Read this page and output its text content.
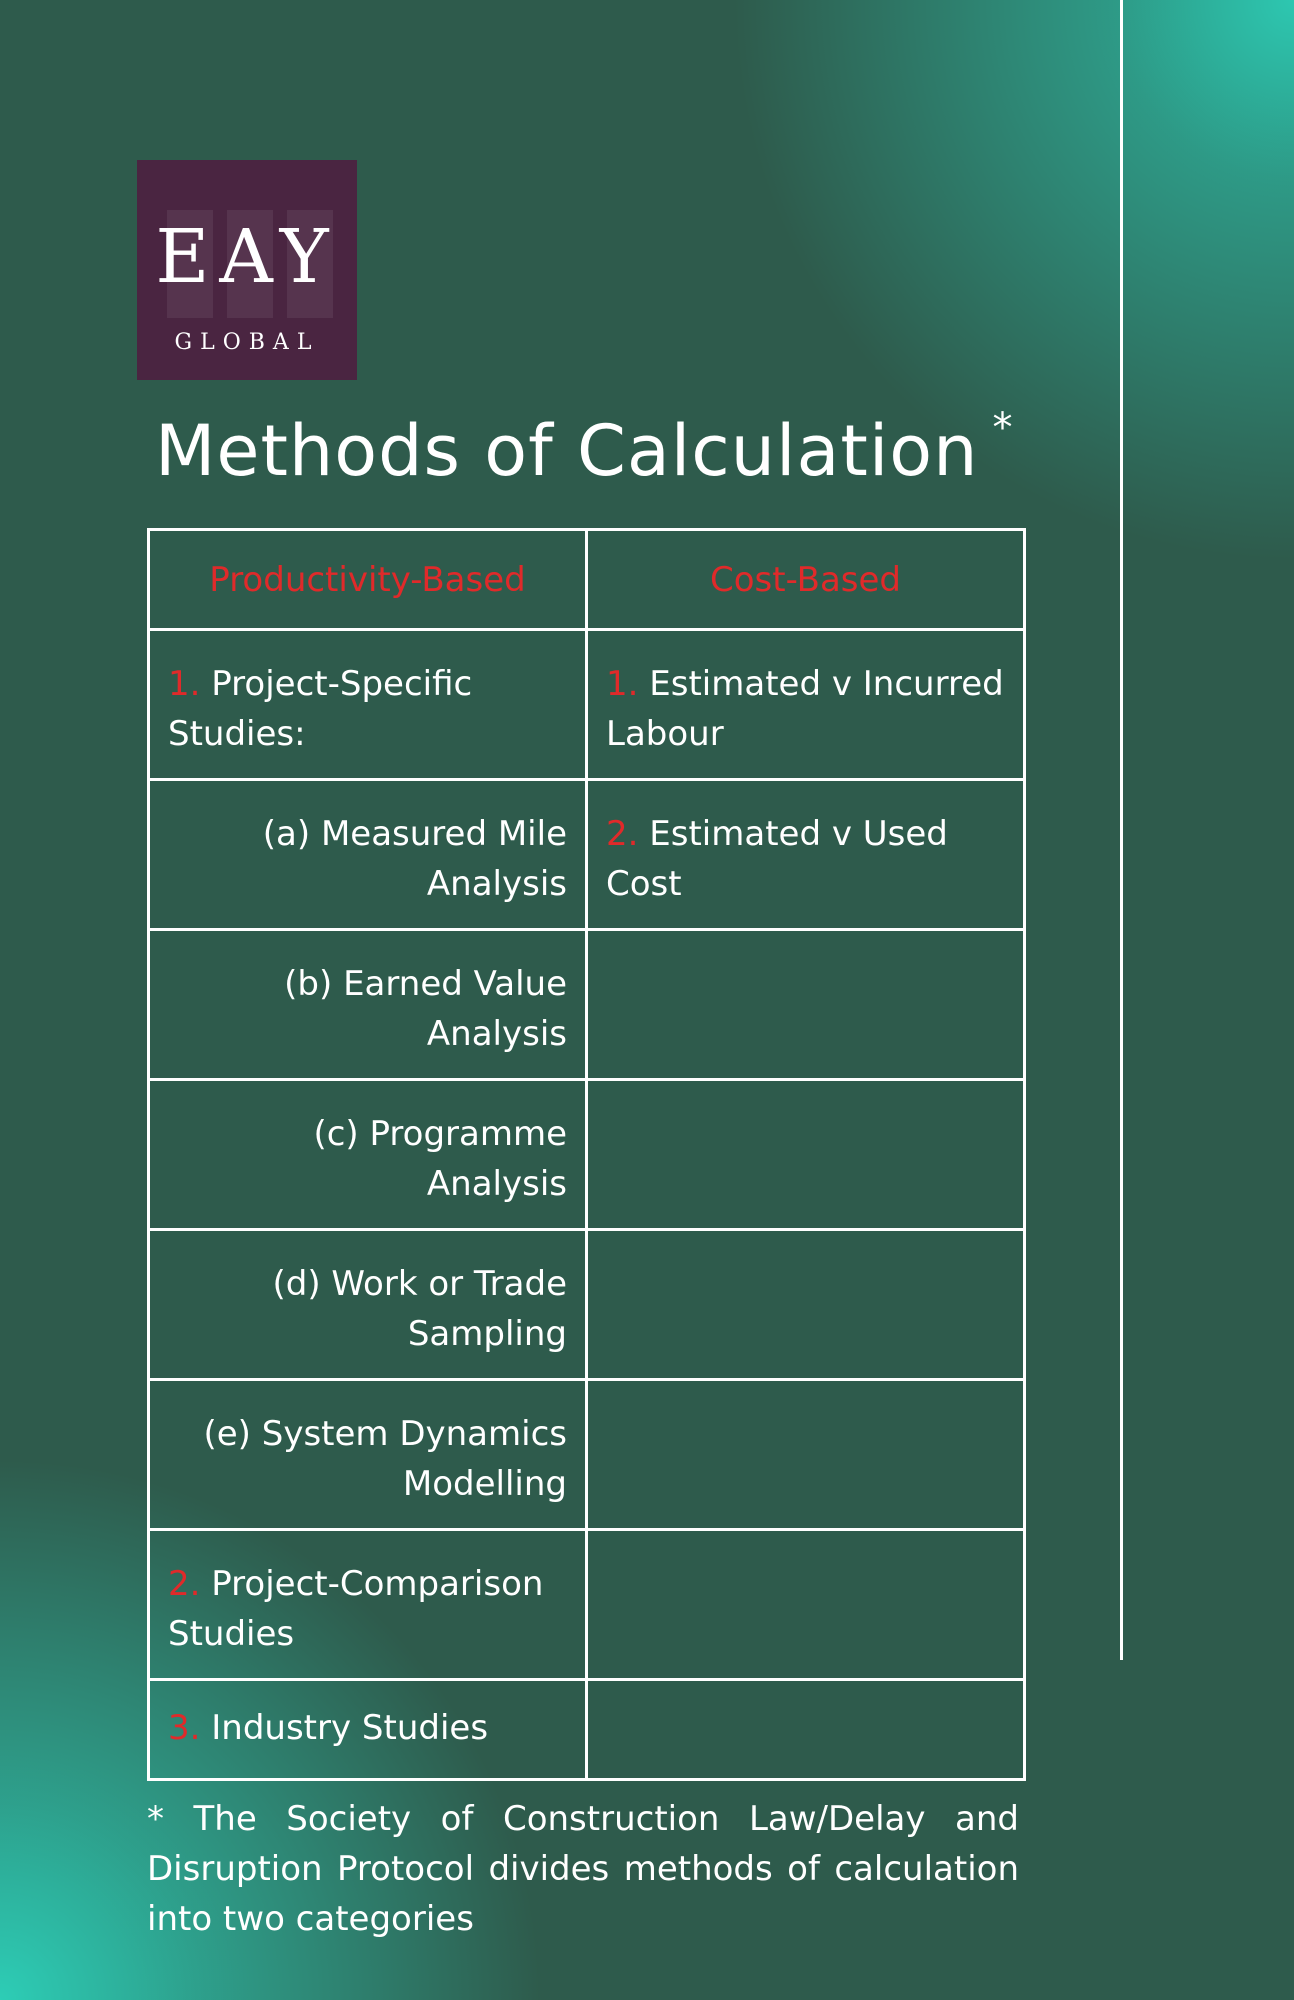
EAY
GLOBAL
Methods of Calculation *
Productivity-Based	Cost-Based
1. Project-Specific Studies:	1. Estimated v Incurred Labour
(a) Measured Mile Analysis	2. Estimated v Used Cost
(b) Earned Value Analysis	
(c) Programme Analysis	
(d) Work or Trade Sampling	
(e) System Dynamics Modelling	
2. Project-Comparison Studies	
3. Industry Studies	

* The Society of Construction Law/Delay and Disruption Protocol divides methods of calculation into two categories
